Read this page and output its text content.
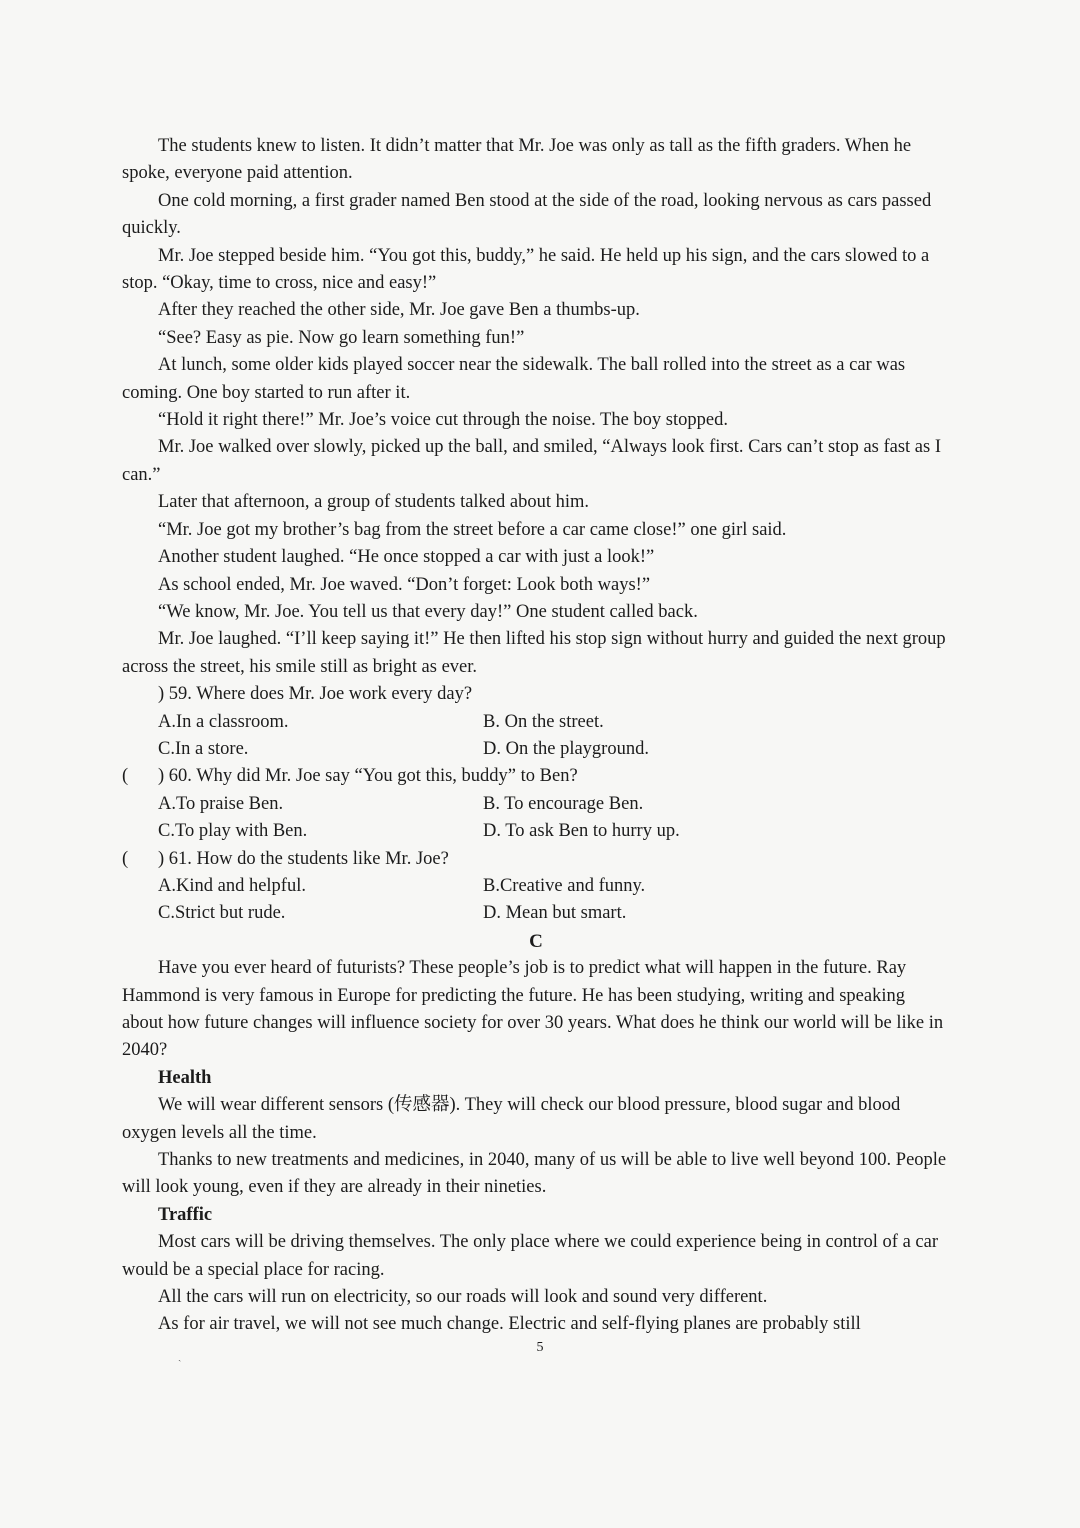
The students knew to listen. It didn’t matter that Mr. Joe was only as tall as the fifth graders. When he spoke, everyone paid attention.

One cold morning, a first grader named Ben stood at the side of the road, looking nervous as cars passed quickly.

Mr. Joe stepped beside him. “You got this, buddy,” he said. He held up his sign, and the cars slowed to a stop. “Okay, time to cross, nice and easy!”

After they reached the other side, Mr. Joe gave Ben a thumbs-up.

“See? Easy as pie. Now go learn something fun!”

At lunch, some older kids played soccer near the sidewalk. The ball rolled into the street as a car was coming. One boy started to run after it.

“Hold it right there!” Mr. Joe’s voice cut through the noise. The boy stopped.

Mr. Joe walked over slowly, picked up the ball, and smiled, “Always look first. Cars can’t stop as fast as I can.”

Later that afternoon, a group of students talked about him.

“Mr. Joe got my brother’s bag from the street before a car came close!” one girl said.

Another student laughed. “He once stopped a car with just a look!”

As school ended, Mr. Joe waved. “Don’t forget: Look both ways!”

“We know, Mr. Joe. You tell us that every day!” One student called back.

Mr. Joe laughed. “I’ll keep saying it!” He then lifted his stop sign without hurry and guided the next group across the street, his smile still as bright as ever.

) 59. Where does Mr. Joe work every day?

A.In a classroom.	B. On the street.
C.In a store.	D. On the playground.

( ) 60. Why did Mr. Joe say “You got this, buddy” to Ben?

A.To praise Ben.	B. To encourage Ben.
C.To play with Ben.	D. To ask Ben to hurry up.

( ) 61. How do the students like Mr. Joe?

A.Kind and helpful.	B.Creative and funny.
C.Strict but rude.	D. Mean but smart.

C

Have you ever heard of futurists? These people’s job is to predict what will happen in the future. Ray Hammond is very famous in Europe for predicting the future. He has been studying, writing and speaking about how future changes will influence society for over 30 years. What does he think our world will be like in 2040?

Health

We will wear different sensors (传感器). They will check our blood pressure, blood sugar and blood oxygen levels all the time.

Thanks to new treatments and medicines, in 2040, many of us will be able to live well beyond 100. People will look young, even if they are already in their nineties.

Traffic

Most cars will be driving themselves. The only place where we could experience being in control of a car would be a special place for racing.

All the cars will run on electricity, so our roads will look and sound very different.

As for air travel, we will not see much change. Electric and self-flying planes are probably still

ˎ
5
